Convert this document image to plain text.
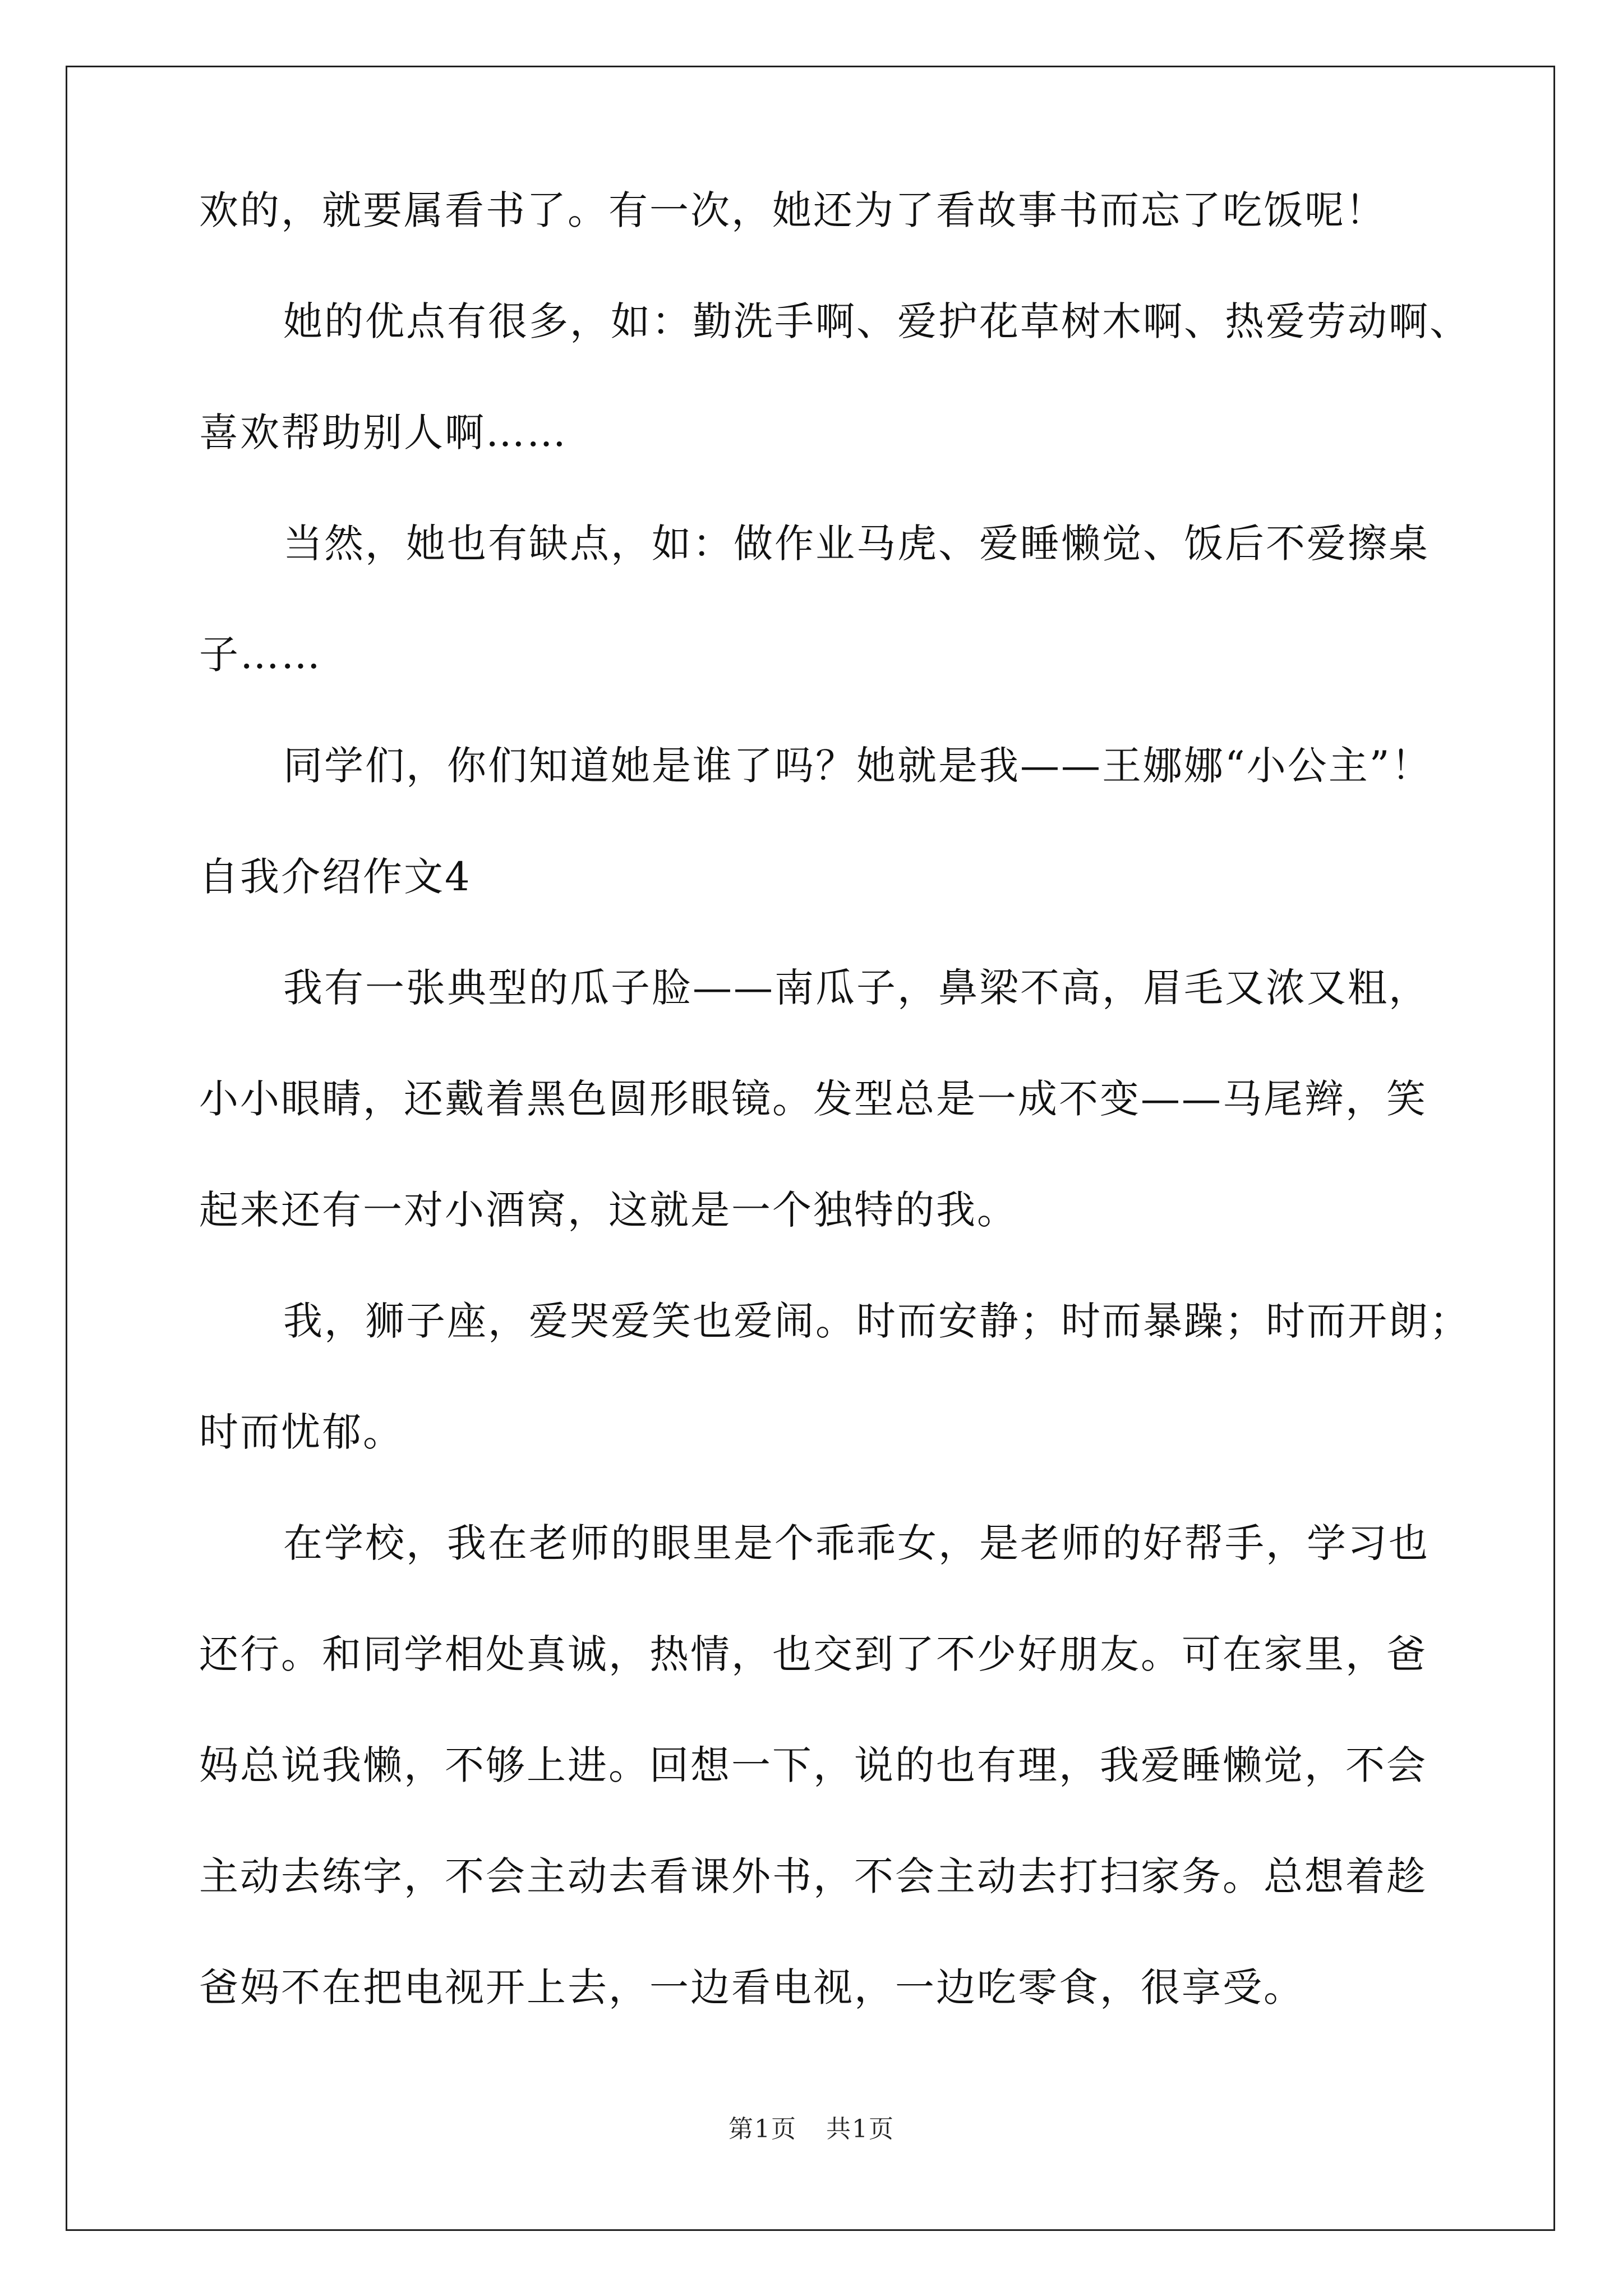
欢的，就要属看书了。有一次，她还为了看故事书而忘了吃饭呢！
她的优点有很多，如：勤洗手啊、爱护花草树木啊、热爱劳动啊、
喜欢帮助别人啊……
当然，她也有缺点，如：做作业马虎、爱睡懒觉、饭后不爱擦桌
子……
同学们，你们知道她是谁了吗？她就是我——王娜娜“小公主”！
自我介绍作文4
我有一张典型的瓜子脸——南瓜子，鼻梁不高，眉毛又浓又粗，
小小眼睛，还戴着黑色圆形眼镜。发型总是一成不变——马尾辫，笑
起来还有一对小酒窝，这就是一个独特的我。
我，狮子座，爱哭爱笑也爱闹。时而安静；时而暴躁；时而开朗；
时而忧郁。
在学校，我在老师的眼里是个乖乖女，是老师的好帮手，学习也
还行。和同学相处真诚，热情，也交到了不少好朋友。可在家里，爸
妈总说我懒，不够上进。回想一下，说的也有理，我爱睡懒觉，不会
主动去练字，不会主动去看课外书，不会主动去打扫家务。总想着趁
爸妈不在把电视开上去，一边看电视，一边吃零食，很享受。
第1页 共1页
